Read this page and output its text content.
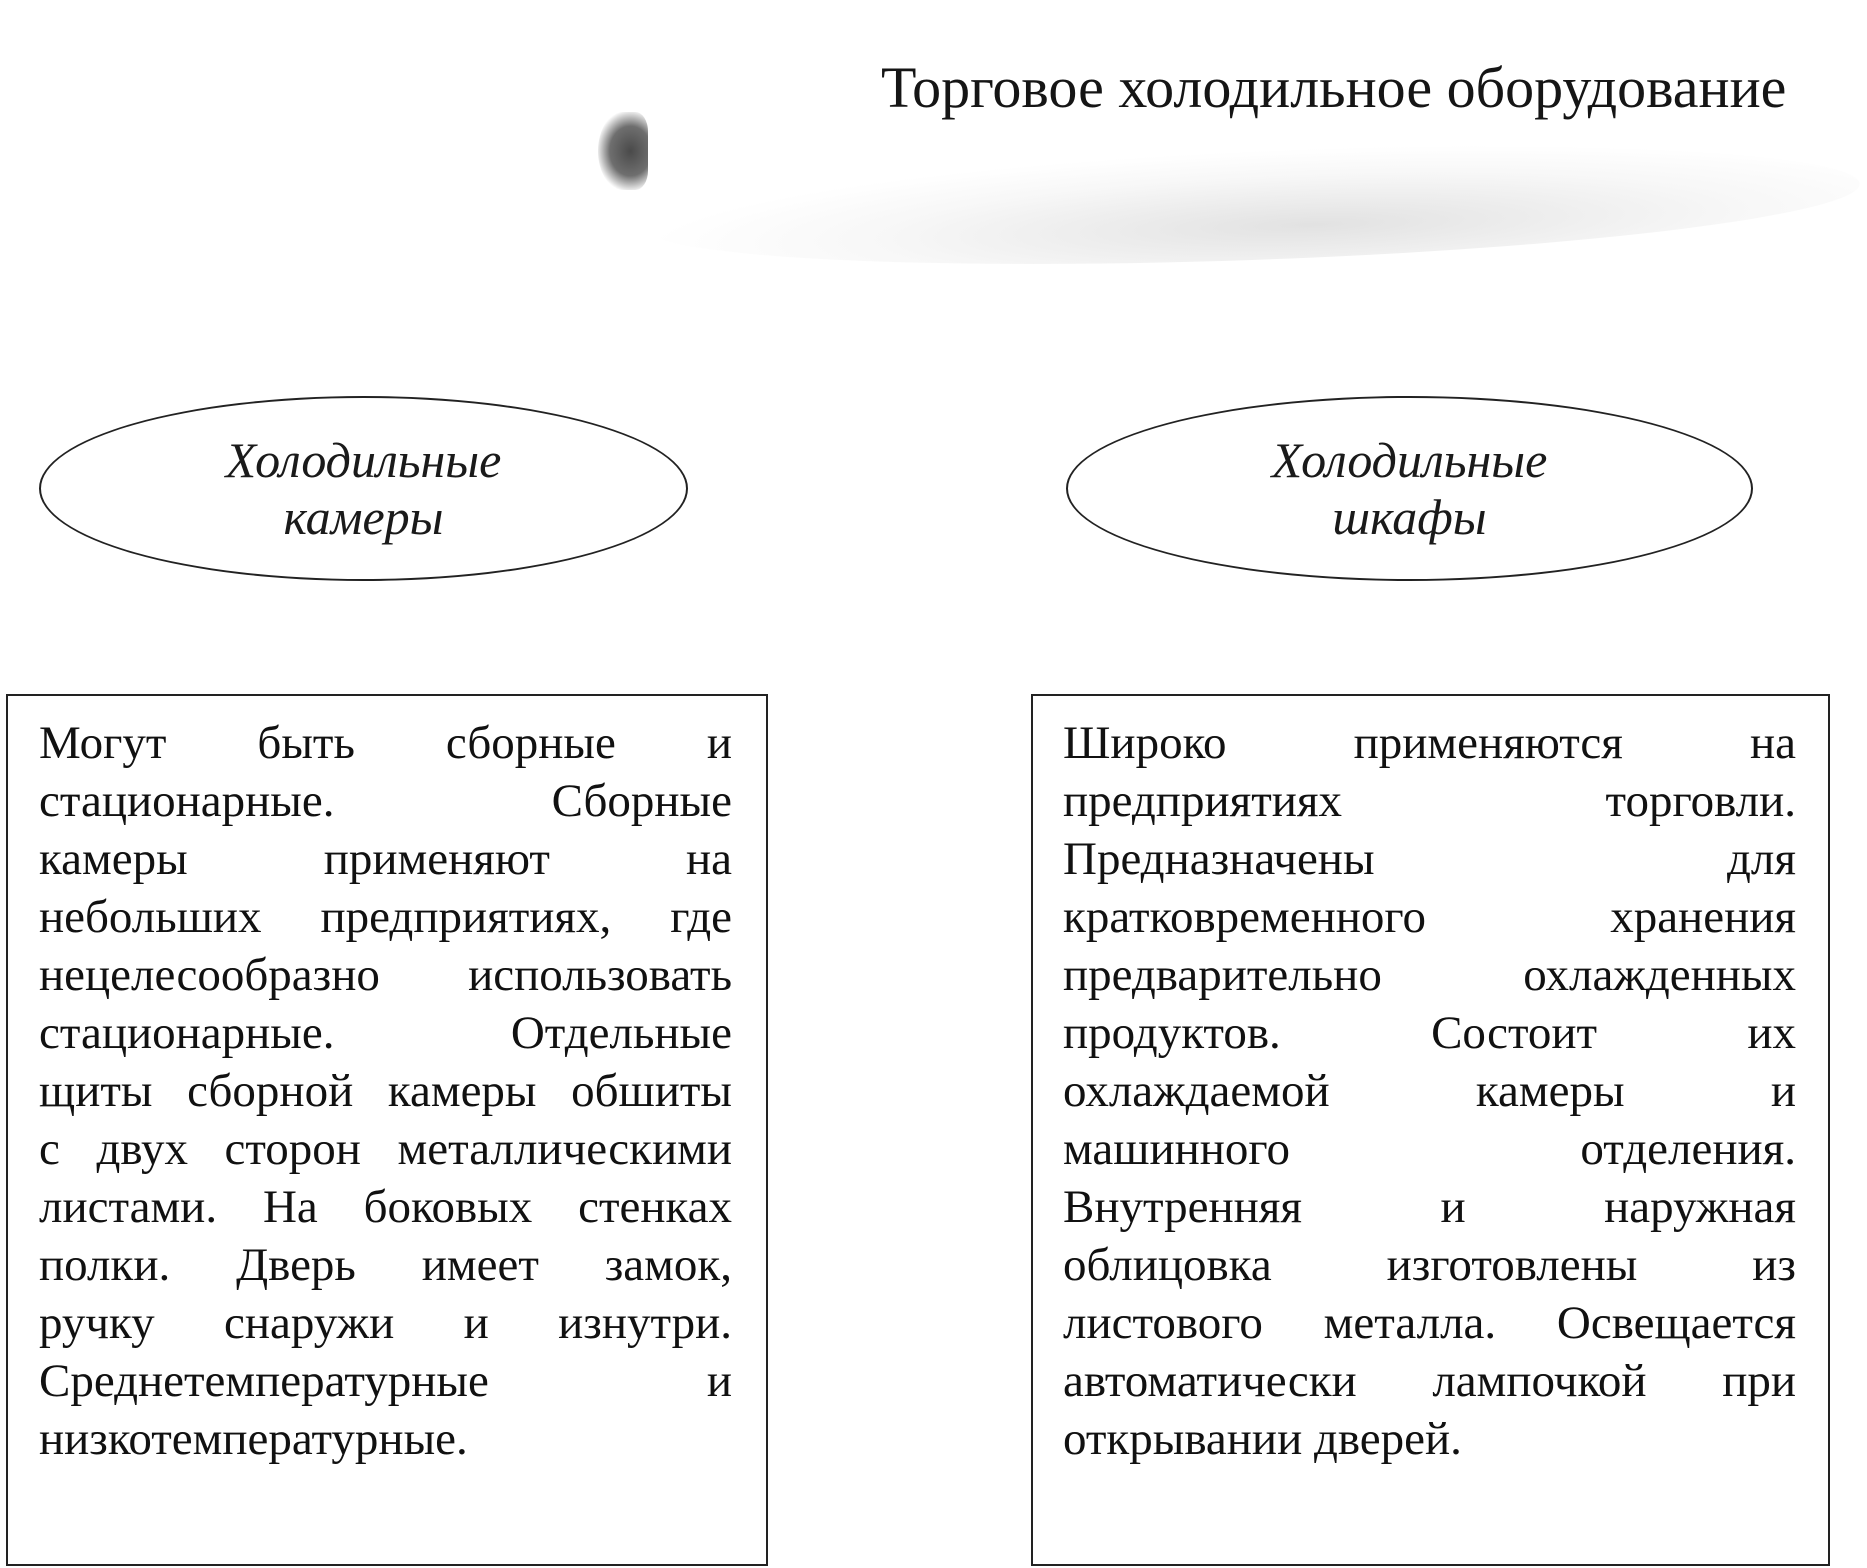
Торговое холодильное оборудование
Холодильные
камеры
Холодильные
шкафы
Могут быть сборные и
стационарные. Сборные
камеры применяют на
небольших предприятиях, где
нецелесообразно использовать
стационарные. Отдельные
щиты сборной камеры обшиты
с двух сторон металлическими
листами. На боковых стенках
полки. Дверь имеет замок,
ручку снаружи и изнутри.
Среднетемпературные и
низкотемпературные.
Широко применяются на
предприятиях торговли.
Предназначены для
кратковременного хранения
предварительно охлажденных
продуктов. Состоит их
охлаждаемой камеры и
машинного отделения.
Внутренняя и наружная
облицовка изготовлены из
листового металла. Освещается
автоматически лампочкой при
открывании дверей.
